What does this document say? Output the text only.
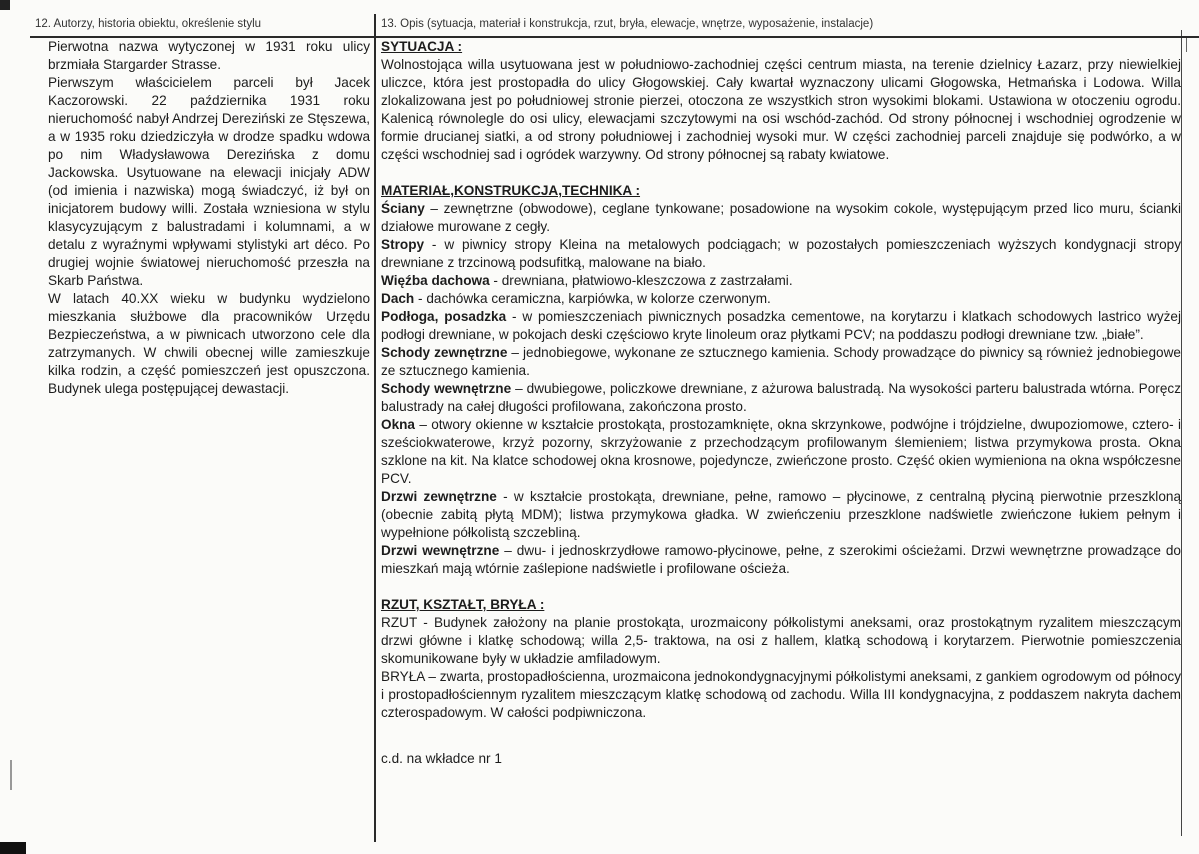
12. Autorzy, historia obiektu, określenie stylu	13. Opis (sytuacja, materiał i konstrukcja, rzut, bryła, elewacje, wnętrze, wyposażenie, instalacje)

Pierwotna nazwa wytyczonej w 1931 roku ulicy brzmiała Stargarder Strasse.

Pierwszym właścicielem parceli był Jacek Kaczorowski. 22 października 1931 roku nieruchomość nabył Andrzej Dereziński ze Stęszewa, a w 1935 roku dziedziczyła w drodze spadku wdowa po nim Władysławowa Derezińska z domu Jackowska. Usytuowane na elewacji inicjały ADW (od imienia i nazwiska) mogą świadczyć, iż był on inicjatorem budowy willi. Została wzniesiona w stylu klasycyzującym z balustradami i kolumnami, a w detalu z wyraźnymi wpływami stylistyki art déco. Po drugiej wojnie światowej nieruchomość przeszła na Skarb Państwa.

W latach 40.XX wieku w budynku wydzielono mieszkania służbowe dla pracowników Urzędu Bezpieczeństwa, a w piwnicach utworzono cele dla zatrzymanych. W chwili obecnej wille zamieszkuje kilka rodzin, a część pomieszczeń jest opuszczona. Budynek ulega postępującej dewastacji.

SYTUACJA :

Wolnostojąca willa usytuowana jest w południowo-zachodniej części centrum miasta, na terenie dzielnicy Łazarz, przy niewielkiej uliczce, która jest prostopadła do ulicy Głogowskiej. Cały kwartał wyznaczony ulicami Głogowska, Hetmańska i Lodowa. Willa zlokalizowana jest po południowej stronie pierzei, otoczona ze wszystkich stron wysokimi blokami. Ustawiona w otoczeniu ogrodu. Kalenicą równolegle do osi ulicy, elewacjami szczytowymi na osi wschód-zachód. Od strony północnej i wschodniej ogrodzenie w formie drucianej siatki, a od strony południowej i zachodniej wysoki mur. W części zachodniej parceli znajduje się podwórko, a w części wschodniej sad i ogródek warzywny. Od strony północnej są rabaty kwiatowe.

MATERIAŁ,KONSTRUKCJA,TECHNIKA :

Ściany – zewnętrzne (obwodowe), ceglane tynkowane; posadowione na wysokim cokole, występującym przed lico muru, ścianki działowe murowane z cegły.

Stropy - w piwnicy stropy Kleina na metalowych podciągach; w pozostałych pomieszczeniach wyższych kondygnacji stropy drewniane z trzcinową podsufitką, malowane na biało.

Więźba dachowa - drewniana, płatwiowo-kleszczowa z zastrzałami.

Dach - dachówka ceramiczna, karpiówka, w kolorze czerwonym.

Podłoga, posadzka - w pomieszczeniach piwnicznych posadzka cementowe, na korytarzu i klatkach schodowych lastrico wyżej podłogi drewniane, w pokojach deski częściowo kryte linoleum oraz płytkami PCV; na poddaszu podłogi drewniane tzw. „białe”.

Schody zewnętrzne – jednobiegowe, wykonane ze sztucznego kamienia. Schody prowadzące do piwnicy są również jednobiegowe ze sztucznego kamienia.

Schody wewnętrzne – dwubiegowe, policzkowe drewniane, z ażurowa balustradą. Na wysokości parteru balustrada wtórna. Poręcz balustrady na całej długości profilowana, zakończona prosto.

Okna – otwory okienne w kształcie prostokąta, prostozamknięte, okna skrzynkowe, podwójne i trójdzielne, dwupoziomowe, cztero- i sześciokwaterowe, krzyż pozorny, skrzyżowanie z przechodzącym profilowanym ślemieniem; listwa przymykowa prosta. Okna szklone na kit. Na klatce schodowej okna krosnowe, pojedyncze, zwieńczone prosto. Część okien wymieniona na okna współczesne PCV.

Drzwi zewnętrzne - w kształcie prostokąta, drewniane, pełne, ramowo – płycinowe, z centralną płyciną pierwotnie przeszkloną (obecnie zabitą płytą MDM); listwa przymykowa gładka. W zwieńczeniu przeszklone nadświetle zwieńczone łukiem pełnym i wypełnione półkolistą szczebliną.

Drzwi wewnętrzne – dwu- i jednoskrzydłowe ramowo-płycinowe, pełne, z szerokimi ościeżami. Drzwi wewnętrzne prowadzące do mieszkań mają wtórnie zaślepione nadświetle i profilowane ościeża.

RZUT, KSZTAŁT, BRYŁA :

RZUT - Budynek założony na planie prostokąta, urozmaicony półkolistymi aneksami, oraz prostokątnym ryzalitem mieszczącym drzwi główne i klatkę schodową; willa 2,5- traktowa, na osi z hallem, klatką schodową i korytarzem. Pierwotnie pomieszczenia skomunikowane były w układzie amfiladowym.

BRYŁA – zwarta, prostopadłościenna, urozmaicona jednokondygnacyjnymi półkolistymi aneksami, z gankiem ogrodowym od północy i prostopadłościennym ryzalitem mieszczącym klatkę schodową od zachodu. Willa III kondygnacyjna, z poddaszem nakryta dachem czterospadowym. W całości podpiwniczona.

c.d. na wkładce nr 1
